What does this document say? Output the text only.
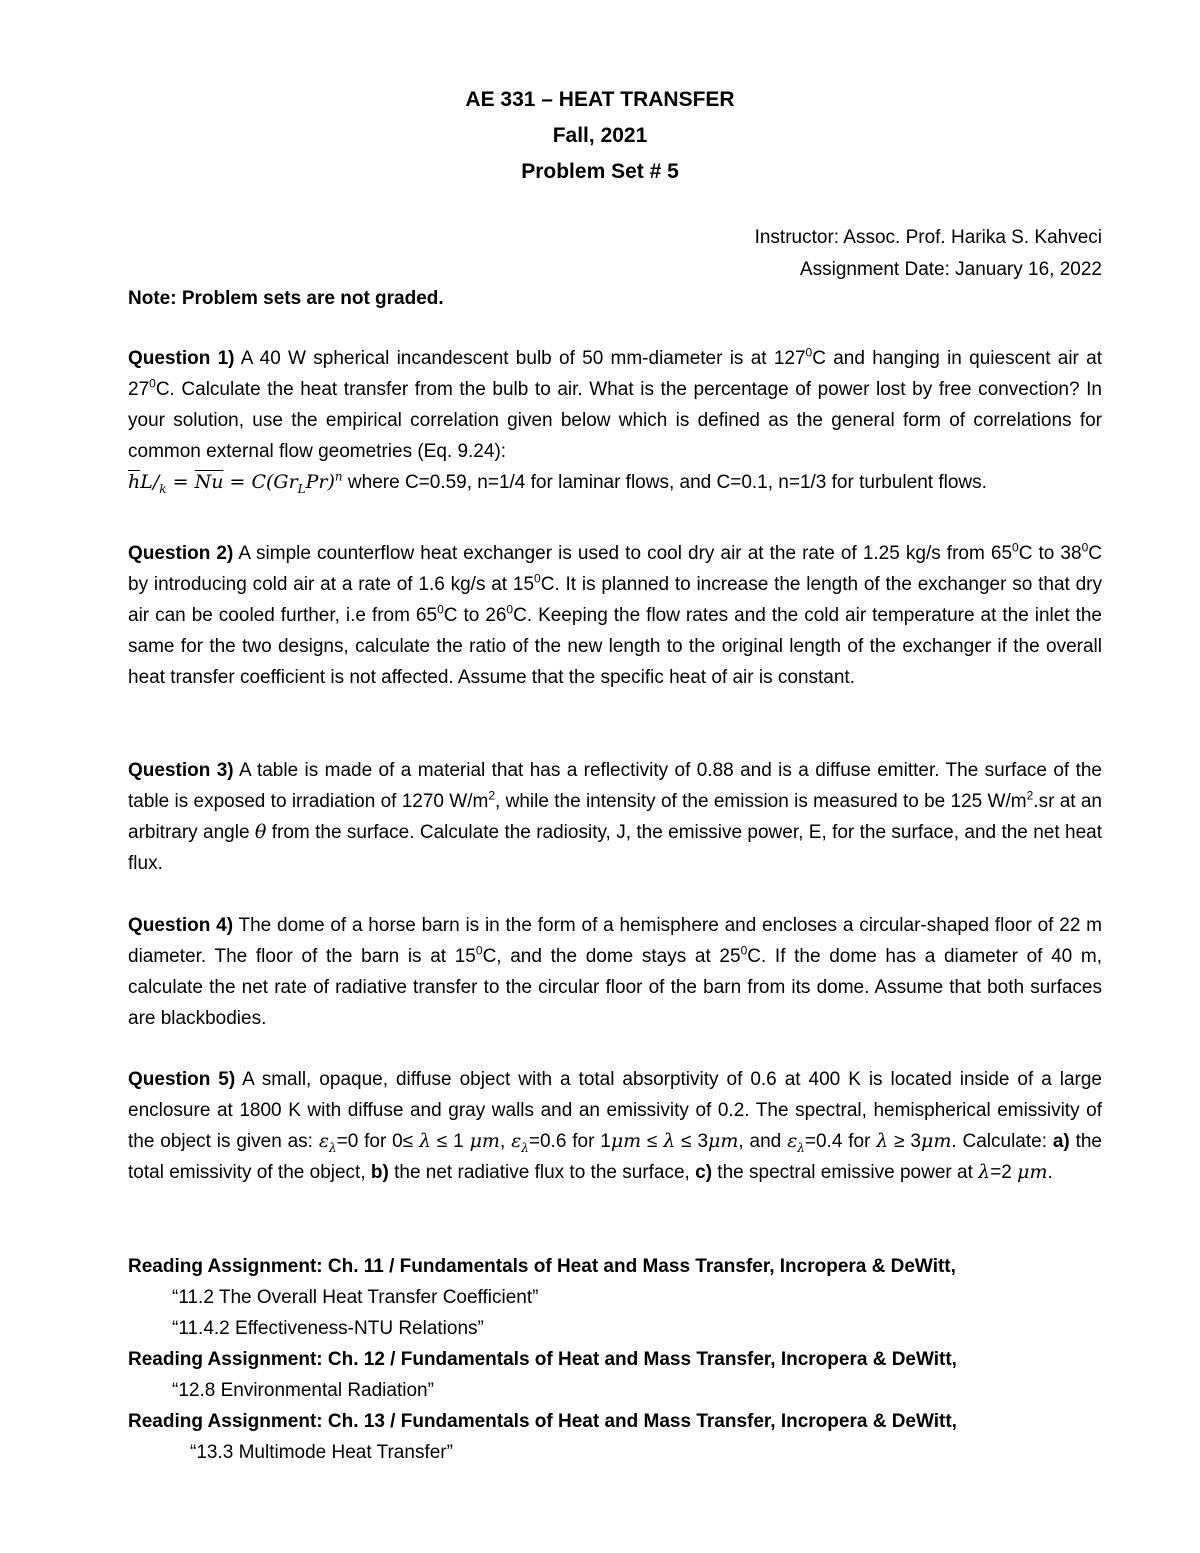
AE 331 – HEAT TRANSFER
Fall, 2021
Problem Set # 5
Instructor: Assoc. Prof. Harika S. Kahveci
Assignment Date: January 16, 2022
Note: Problem sets are not graded.
Question 1) A 40 W spherical incandescent bulb of 50 mm-diameter is at $127^0C$ and hanging in quiescent air at $27^0C$. Calculate the heat transfer from the bulb to air. What is the percentage of power lost by free convection? In your solution, use the empirical correlation given below which is defined as the general form of correlations for common external flow geometries (Eq. 9.24):
$\overline{h}L/_k = \overline{Nu} = C(Gr_LPr)^n$ where C=0.59, n=1/4 for laminar flows, and C=0.1, n=1/3 for turbulent flows.
Question 2) A simple counterflow heat exchanger is used to cool dry air at the rate of 1.25 kg/s from $65^0C$ to $38^0C$ by introducing cold air at a rate of 1.6 kg/s at $15^0C$. It is planned to increase the length of the exchanger so that dry air can be cooled further, i.e from $65^0C$ to $26^0C$. Keeping the flow rates and the cold air temperature at the inlet the same for the two designs, calculate the ratio of the new length to the original length of the exchanger if the overall heat transfer coefficient is not affected. Assume that the specific heat of air is constant.
Question 3) A table is made of a material that has a reflectivity of 0.88 and is a diffuse emitter. The surface of the table is exposed to irradiation of 1270 $W/m^2$, while the intensity of the emission is measured to be 125 $W/m^2.sr$ at an arbitrary angle θ from the surface. Calculate the radiosity, J, the emissive power, E, for the surface, and the net heat flux.
Question 4) The dome of a horse barn is in the form of a hemisphere and encloses a circular-shaped floor of 22 m diameter. The floor of the barn is at $15^0C$, and the dome stays at $25^0C$. If the dome has a diameter of 40 m, calculate the net rate of radiative transfer to the circular floor of the barn from its dome. Assume that both surfaces are blackbodies.
Question 5) A small, opaque, diffuse object with a total absorptivity of 0.6 at 400 K is located inside of a large enclosure at 1800 K with diffuse and gray walls and an emissivity of 0.2. The spectral, hemispherical emissivity of the object is given as: $\varepsilon_\lambda=0$ for 0≤ λ ≤ 1 μm, $\varepsilon_\lambda=0.6$ for 1μm ≤ λ ≤ 3μm, and $\varepsilon_\lambda=0.4$ for λ ≥ 3μm. Calculate: a) the total emissivity of the object, b) the net radiative flux to the surface, c) the spectral emissive power at λ=2 μm.
Reading Assignment: Ch. 11 / Fundamentals of Heat and Mass Transfer, Incropera & DeWitt,
“11.2 The Overall Heat Transfer Coefficient”
“11.4.2 Effectiveness-NTU Relations”
Reading Assignment: Ch. 12 / Fundamentals of Heat and Mass Transfer, Incropera & DeWitt,
“12.8 Environmental Radiation”
Reading Assignment: Ch. 13 / Fundamentals of Heat and Mass Transfer, Incropera & DeWitt,
“13.3 Multimode Heat Transfer”
